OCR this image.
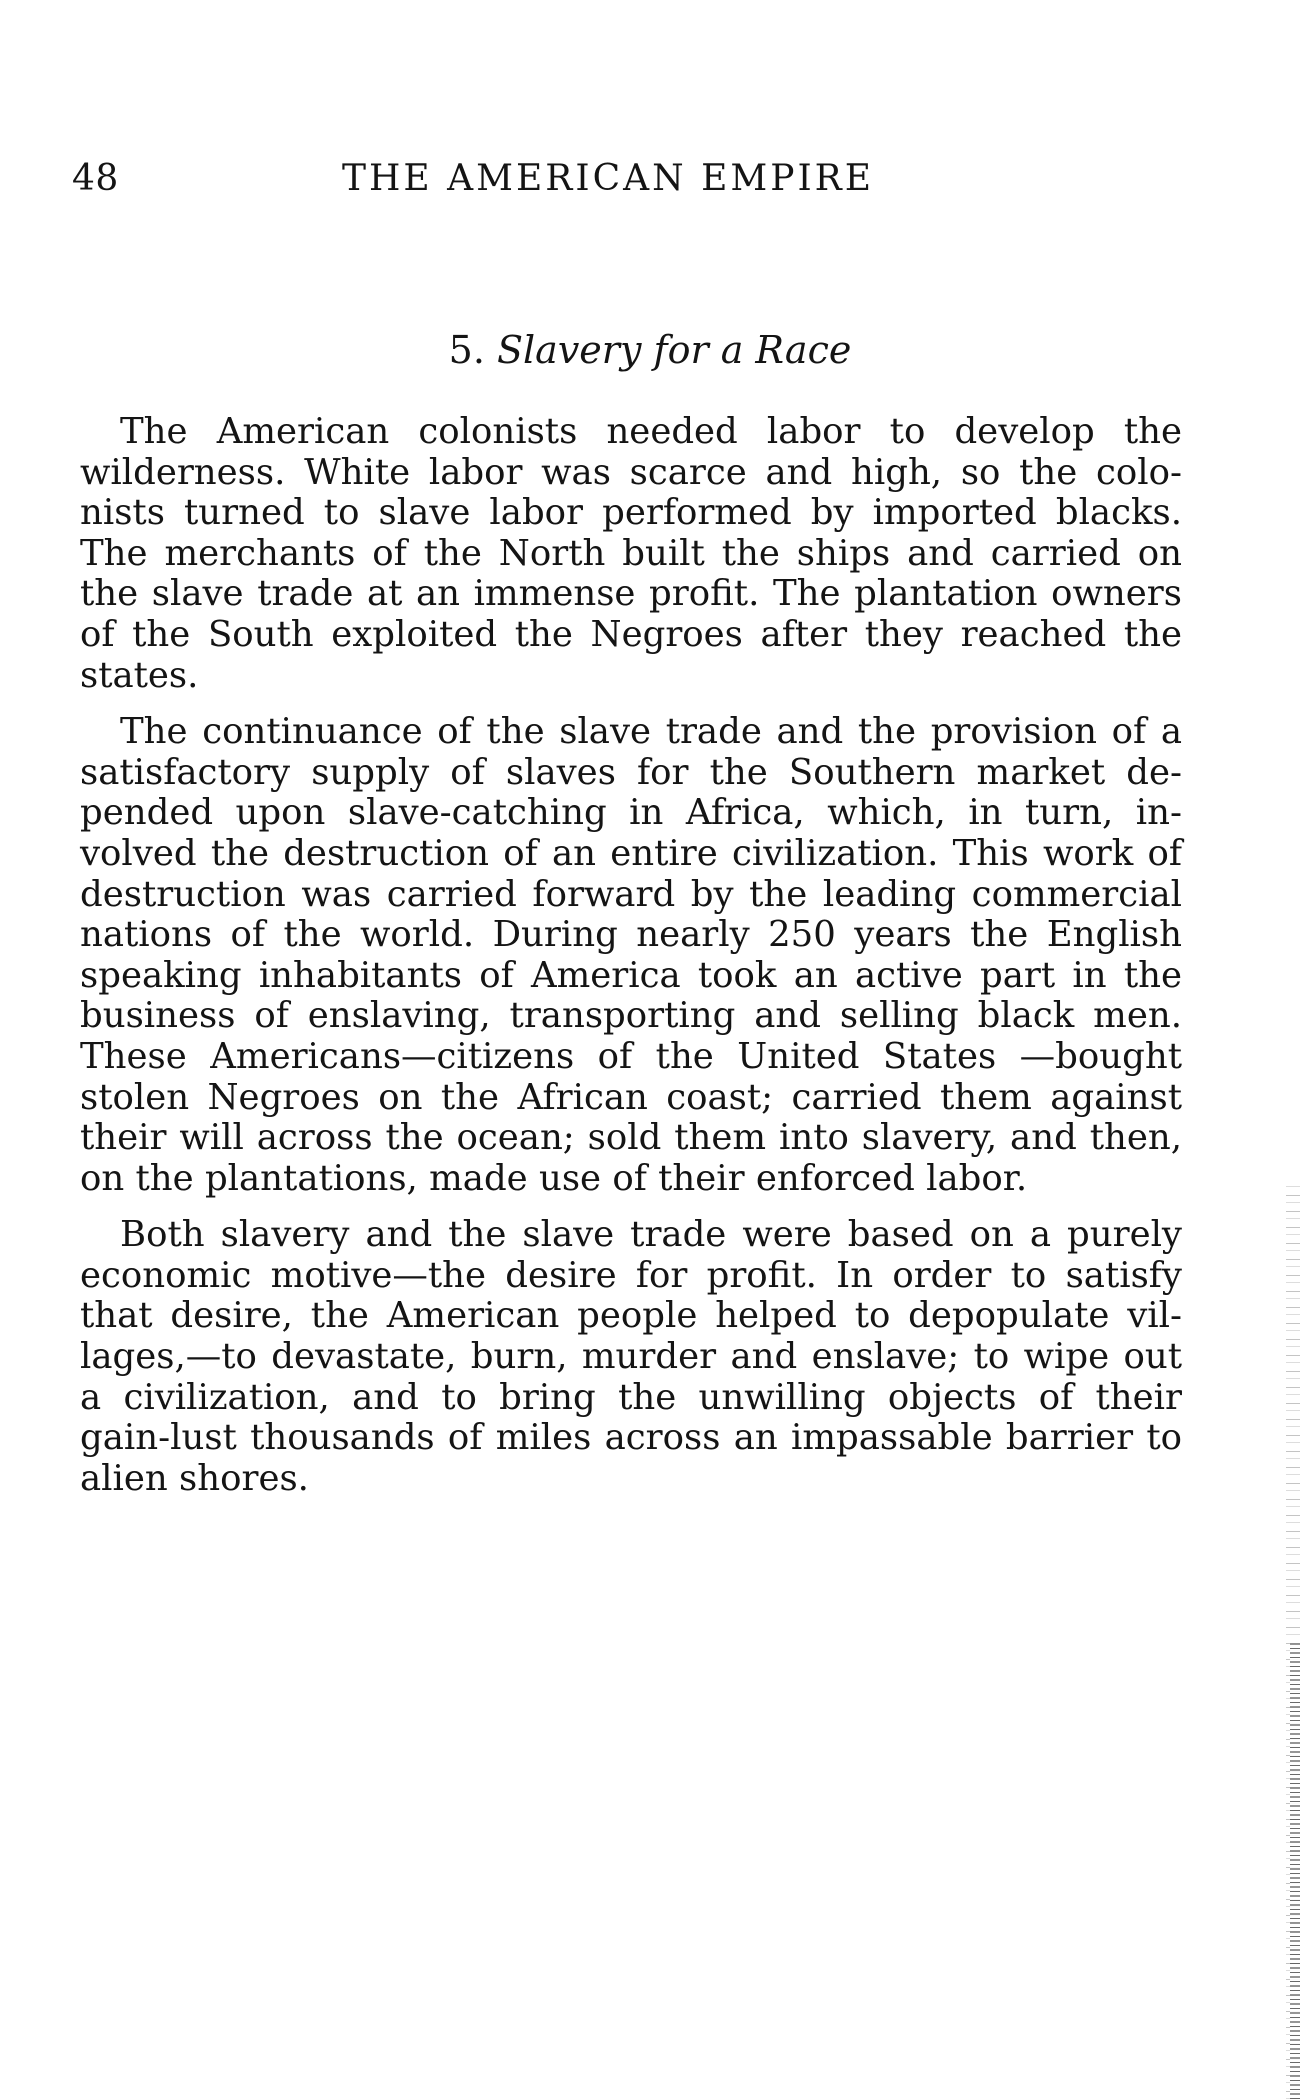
48	THE AMERICAN EMPIRE
5. Slavery for a Race

The American colonists needed labor to develop the wilderness. White labor was scarce and high, so the colonists turned to slave labor performed by imported blacks. The merchants of the North built the ships and carried on the slave trade at an immense profit. The plantation owners of the South exploited the Negroes after they reached the states.

The continuance of the slave trade and the provision of a satisfactory supply of slaves for the Southern market depended upon slave-catching in Africa, which, in turn, involved the destruction of an entire civilization. This work of destruction was carried forward by the leading commercial nations of the world. During nearly 250 years the English speaking inhabitants of America took an active part in the business of enslaving, transporting and selling black men. These Americans—citizens of the United States —bought stolen Negroes on the African coast; carried them against their will across the ocean; sold them into slavery, and then, on the plantations, made use of their enforced labor.

Both slavery and the slave trade were based on a purely economic motive—the desire for profit. In order to satisfy that desire, the American people helped to depopulate villages,—to devastate, burn, murder and enslave; to wipe out a civilization, and to bring the unwilling objects of their gain-lust thousands of miles across an impassable barrier to alien shores.
